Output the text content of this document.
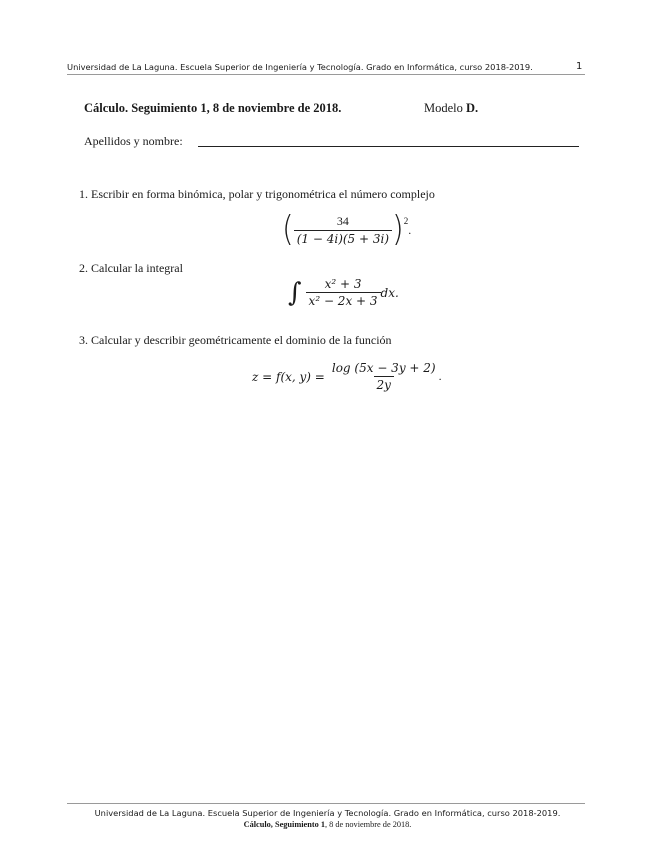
Universidad de La Laguna. Escuela Superior de Ingeniería y Tecnología. Grado en Informática, curso 2018-2019.	1
Cálculo. Seguimiento 1, 8 de noviembre de 2018.	Modelo D.
Apellidos y nombre:
1. Escribir en forma binómica, polar y trigonométrica el número complejo
( $\frac{34}{(1 - 4i)(5 + 3i)} )^2$
.
2. Calcular la integral
∫ $\frac{\text{x² + 3}}{\text{x² − 2x + 3}}$ dx.
3. Calcular y describir geométricamente el dominio de la función
z = f(x, $y) = \frac{\log (5x - 3y + 2)}{2y}$ .
Universidad de La Laguna. Escuela Superior de Ingeniería y Tecnología. Grado en Informática, curso 2018-2019.
Cálculo, Seguimiento 1, 8 de noviembre de 2018.
